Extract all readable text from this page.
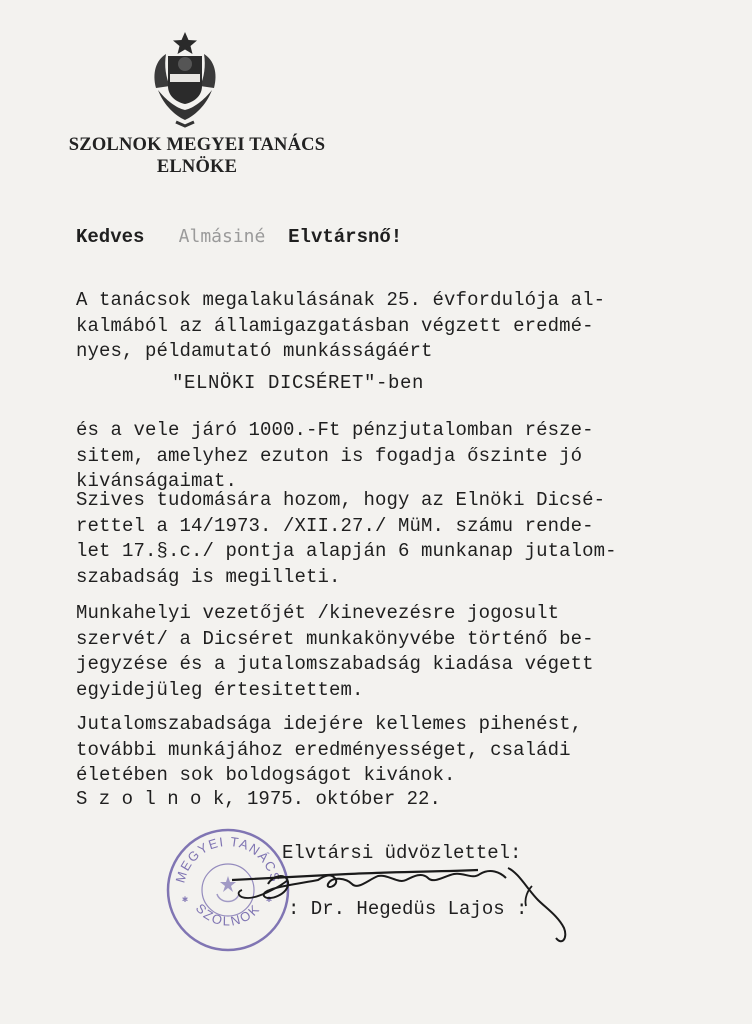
SZOLNOK MEGYEI TANÁCS
ELNÖKE
Kedves Almásiné Elvtársnő!
A tanácsok megalakulásának 25. évfordulója al-
kalmából az államigazgatásban végzett eredmé-
nyes, példamutató munkásságáért
"ELNÖKI DICSÉRET"-ben
és a vele járó 1000.-Ft pénzjutalomban része-
sitem, amelyhez ezuton is fogadja őszinte jó
kivánságaimat.
Szives tudomására hozom, hogy az Elnöki Dicsé-
rettel a 14/1973. /XII.27./ MüM. számu rende-
let 17.§.c./ pontja alapján 6 munkanap jutalom-
szabadság is megilleti.
Munkahelyi vezetőjét /kinevezésre jogosult
szervét/ a Dicséret munkakönyvébe történő be-
jegyzése és a jutalomszabadság kiadása végett
egyidejüleg értesitettem.
Jutalomszabadsága idejére kellemes pihenést,
további munkájához eredményességet, családi
életében sok boldogságot kivánok.
S z o l n o k, 1975. október 22.
Elvtársi üdvözlettel:
MEGYEI TANÁCS
SZOLNOK
✱	✱ : Dr. Hegedüs Lajos :
